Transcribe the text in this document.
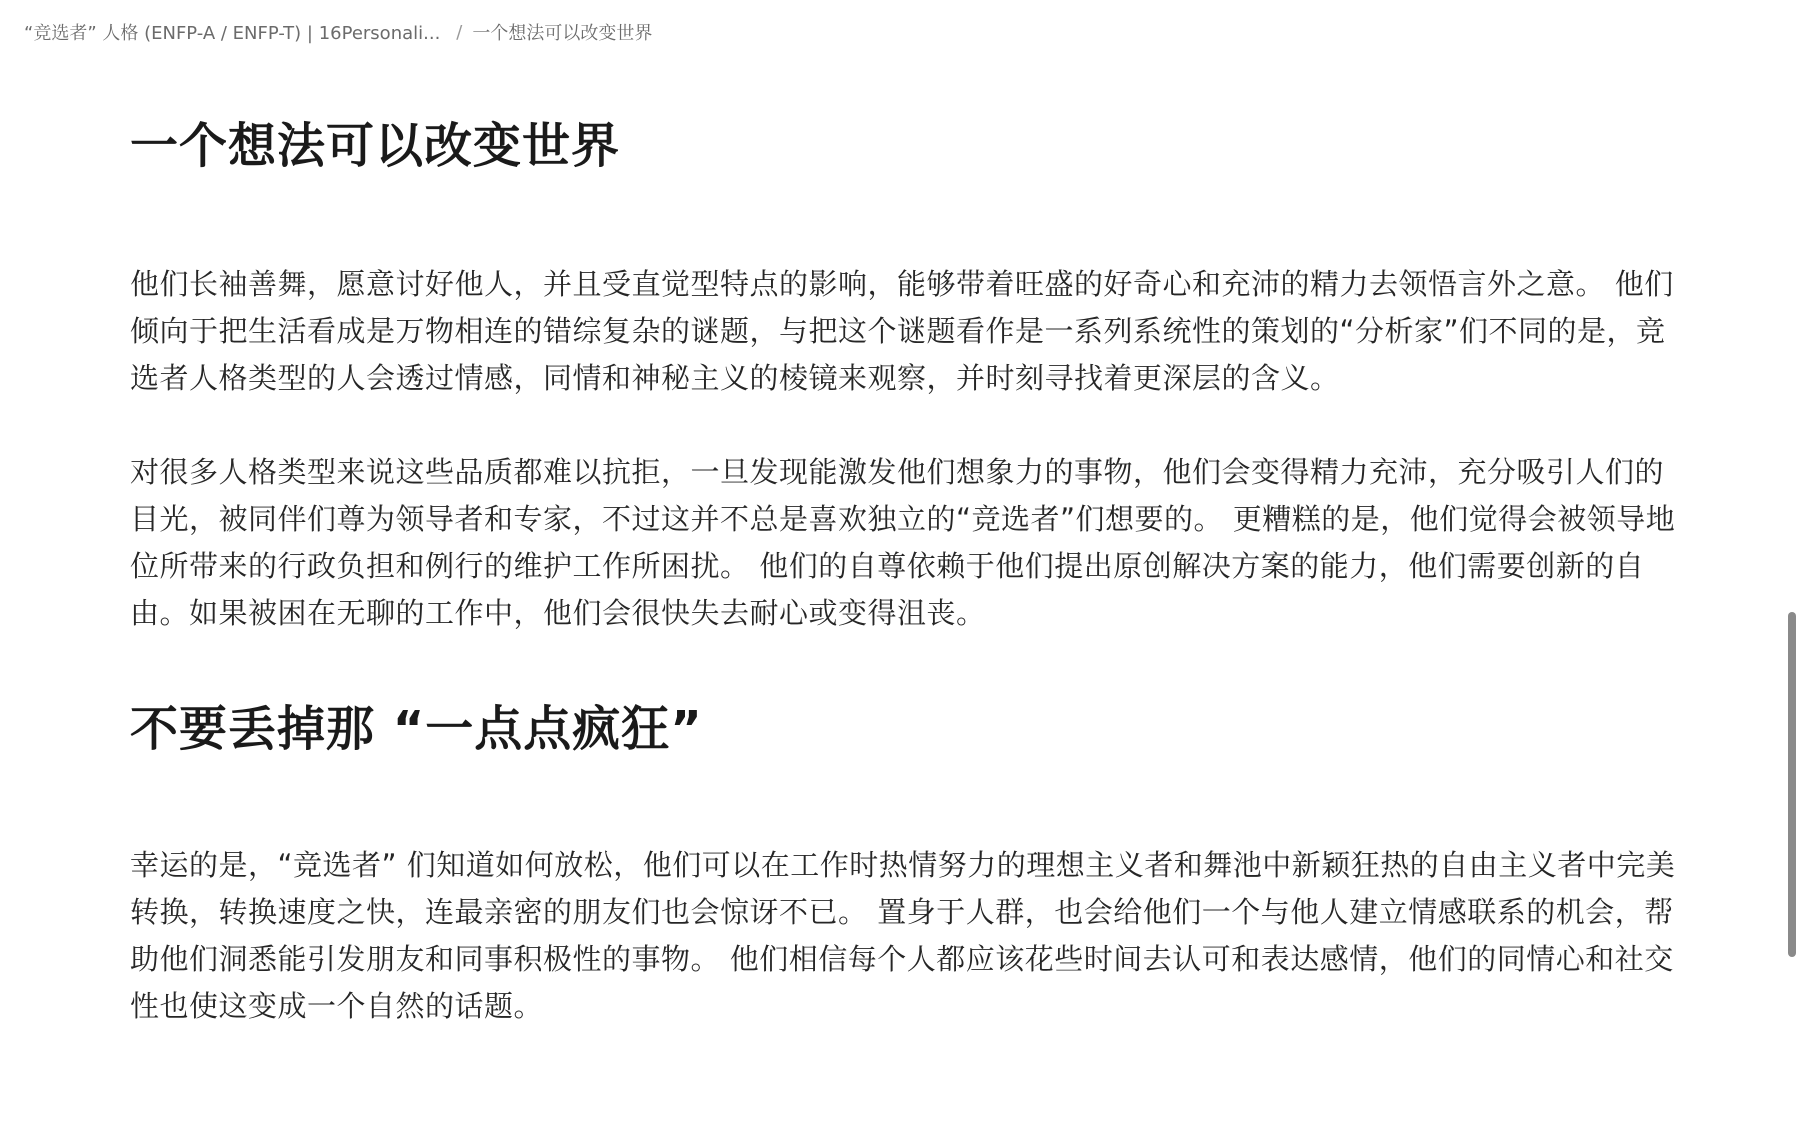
“竞选者” 人格 (ENFP-A / ENFP-T) | 16Personali... / 一个想法可以改变世界
一个想法可以改变世界

他们长袖善舞，愿意讨好他人，并且受直觉型特点的影响，能够带着旺盛的好奇心和充沛的精力去领悟言外之意。 他们倾向于把生活看成是万物相连的错综复杂的谜题，与把这个谜题看作是一系列系统性的策划的“分析家”们不同的是，竞选者人格类型的人会透过情感，同情和神秘主义的棱镜来观察，并时刻寻找着更深层的含义。

对很多人格类型来说这些品质都难以抗拒，一旦发现能激发他们想象力的事物，他们会变得精力充沛，充分吸引人们的目光，被同伴们尊为领导者和专家，不过这并不总是喜欢独立的“竞选者”们想要的。 更糟糕的是，他们觉得会被领导地位所带来的行政负担和例行的维护工作所困扰。 他们的自尊依赖于他们提出原创解决方案的能力，他们需要创新的自由。如果被困在无聊的工作中，他们会很快失去耐心或变得沮丧。

不要丢掉那 “一点点疯狂”

幸运的是，“竞选者” 们知道如何放松，他们可以在工作时热情努力的理想主义者和舞池中新颖狂热的自由主义者中完美转换，转换速度之快，连最亲密的朋友们也会惊讶不已。 置身于人群，也会给他们一个与他人建立情感联系的机会，帮助他们洞悉能引发朋友和同事积极性的事物。 他们相信每个人都应该花些时间去认可和表达感情，他们的同情心和社交性也使这变成一个自然的话题。
